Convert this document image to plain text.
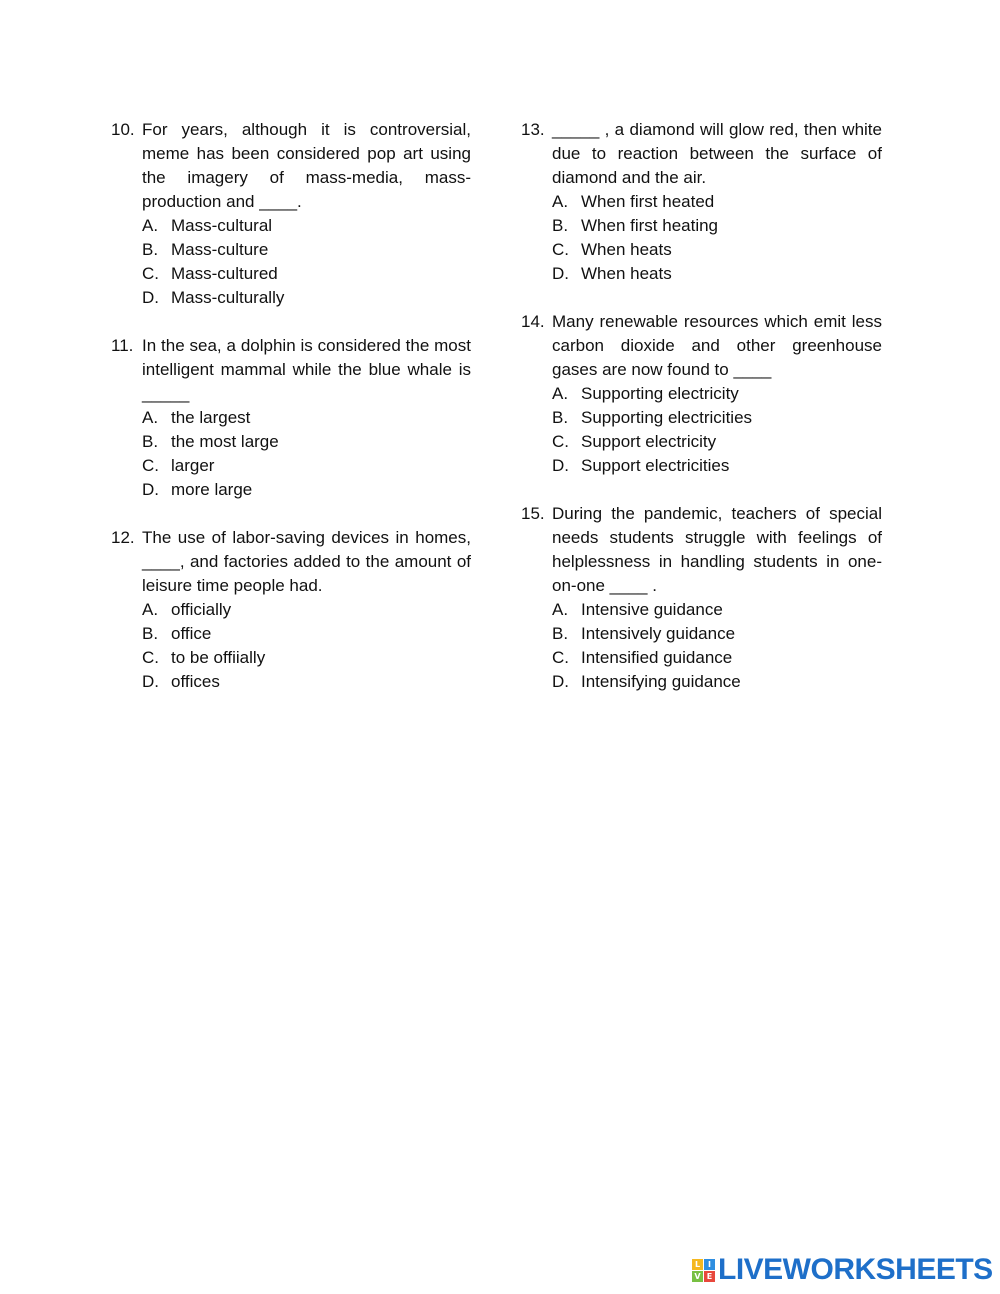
10. For years, although it is controversial, meme has been considered pop art using the imagery of mass-media, mass-production and ____.
A. Mass-cultural
B. Mass-culture
C. Mass-cultured
D. Mass-culturally
11. In the sea, a dolphin is considered the most intelligent mammal while the blue whale is _____
A. the largest
B. the most large
C. larger
D. more large
12. The use of labor-saving devices in homes, ____, and factories added to the amount of leisure time people had.
A. officially
B. office
C. to be offiially
D. offices
13. _____ , a diamond will glow red, then white due to reaction between the surface of diamond and the air.
A. When first heated
B. When first heating
C. When heats
D. When heats
14. Many renewable resources which emit less carbon dioxide and other greenhouse gases are now found to ____
A. Supporting electricity
B. Supporting electricities
C. Support electricity
D. Support electricities
15. During the pandemic, teachers of special needs students struggle with feelings of helplessness in handling students in one-on-one ____ .
A. Intensive guidance
B. Intensively guidance
C. Intensified guidance
D. Intensifying guidance
L I
V E LIVEWORKSHEETS
